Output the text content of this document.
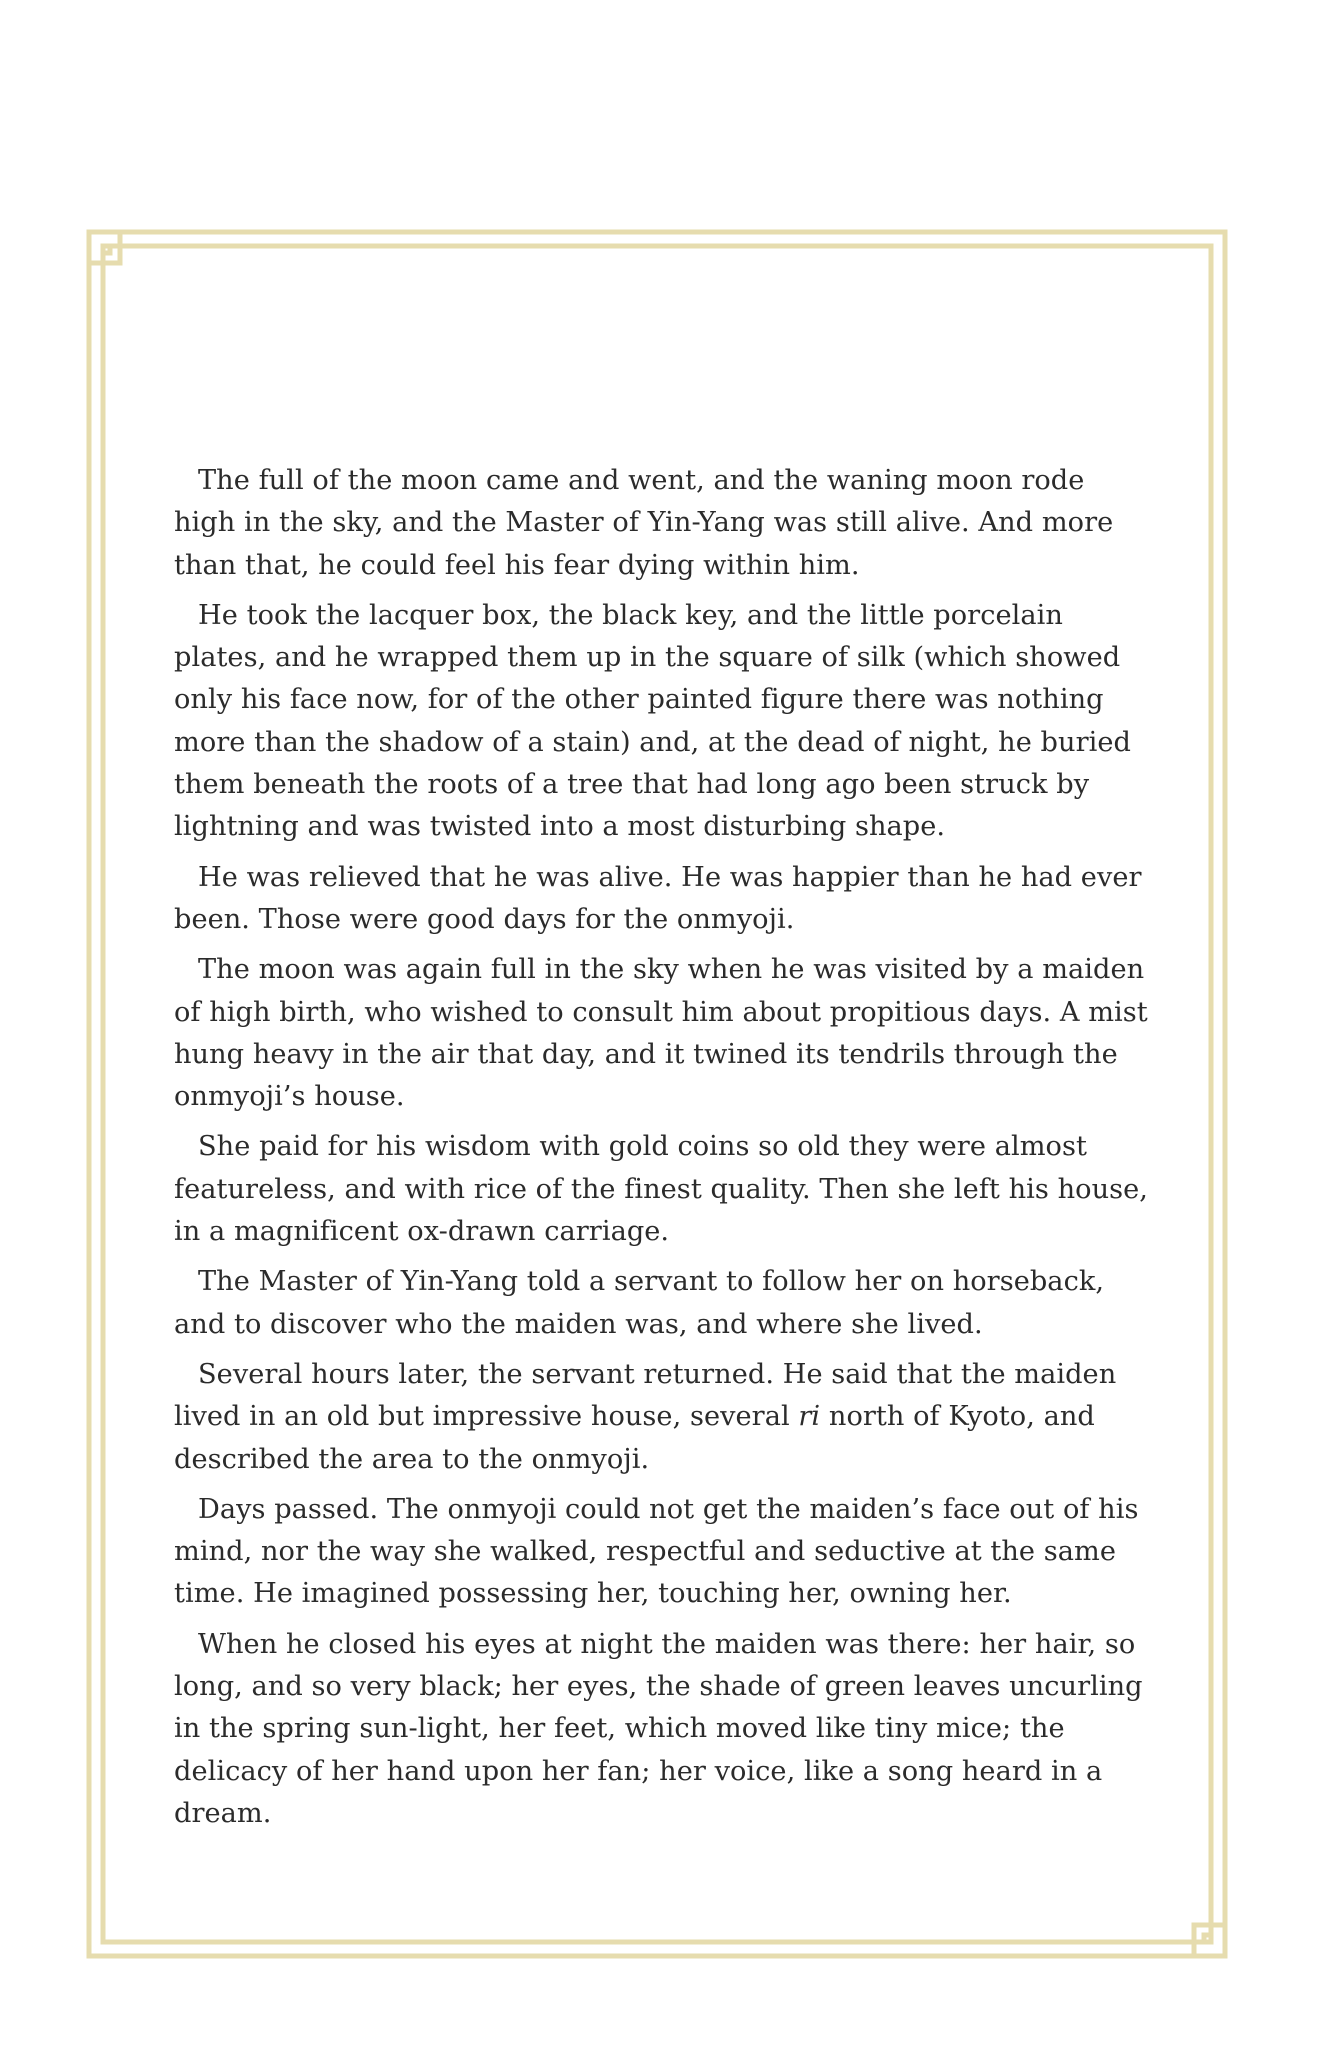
The full of the moon came and went, and the waning moon rode high in the sky, and the Master of Yin-Yang was still alive. And more than that, he could feel his fear dying within him.

He took the lacquer box, the black key, and the little porcelain plates, and he wrapped them up in the square of silk (which showed only his face now, for of the other painted figure there was nothing more than the shadow of a stain) and, at the dead of night, he buried them beneath the roots of a tree that had long ago been struck by lightning and was twisted into a most disturbing shape.

He was relieved that he was alive. He was happier than he had ever been. Those were good days for the onmyoji.

The moon was again full in the sky when he was visited by a maiden of high birth, who wished to consult him about propitious days. A mist hung heavy in the air that day, and it twined its tendrils through the onmyoji’s house.

She paid for his wisdom with gold coins so old they were almost featureless, and with rice of the finest quality. Then she left his house, in a magnificent ox-drawn carriage.

The Master of Yin-Yang told a servant to follow her on horseback, and to discover who the maiden was, and where she lived.

Several hours later, the servant returned. He said that the maiden lived in an old but impressive house, several ri north of Kyoto, and described the area to the onmyoji.

Days passed. The onmyoji could not get the maiden’s face out of his mind, nor the way she walked, respectful and seductive at the same time. He imagined possessing her, touching her, owning her.

When he closed his eyes at night the maiden was there: her hair, so long, and so very black; her eyes, the shade of green leaves uncurling in the spring sun-light, her feet, which moved like tiny mice; the delicacy of her hand upon her fan; her voice, like a song heard in a dream.
